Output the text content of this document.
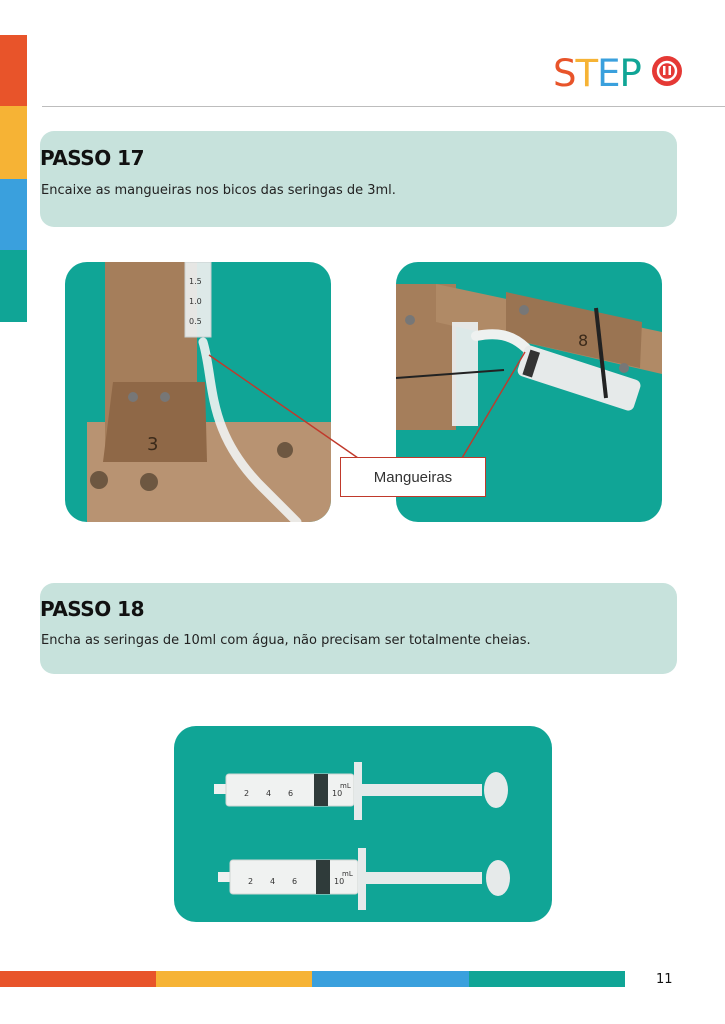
STEP
PASSO 17
Encaixe as mangueiras nos bicos das seringas de 3ml.
3
1.5
1.0
0.5
8
Mangueiras
PASSO 18
Encha as seringas de 10ml com água, não precisam ser totalmente cheias.
2 4 6	10
mL
2 4 6	10
mL
11
